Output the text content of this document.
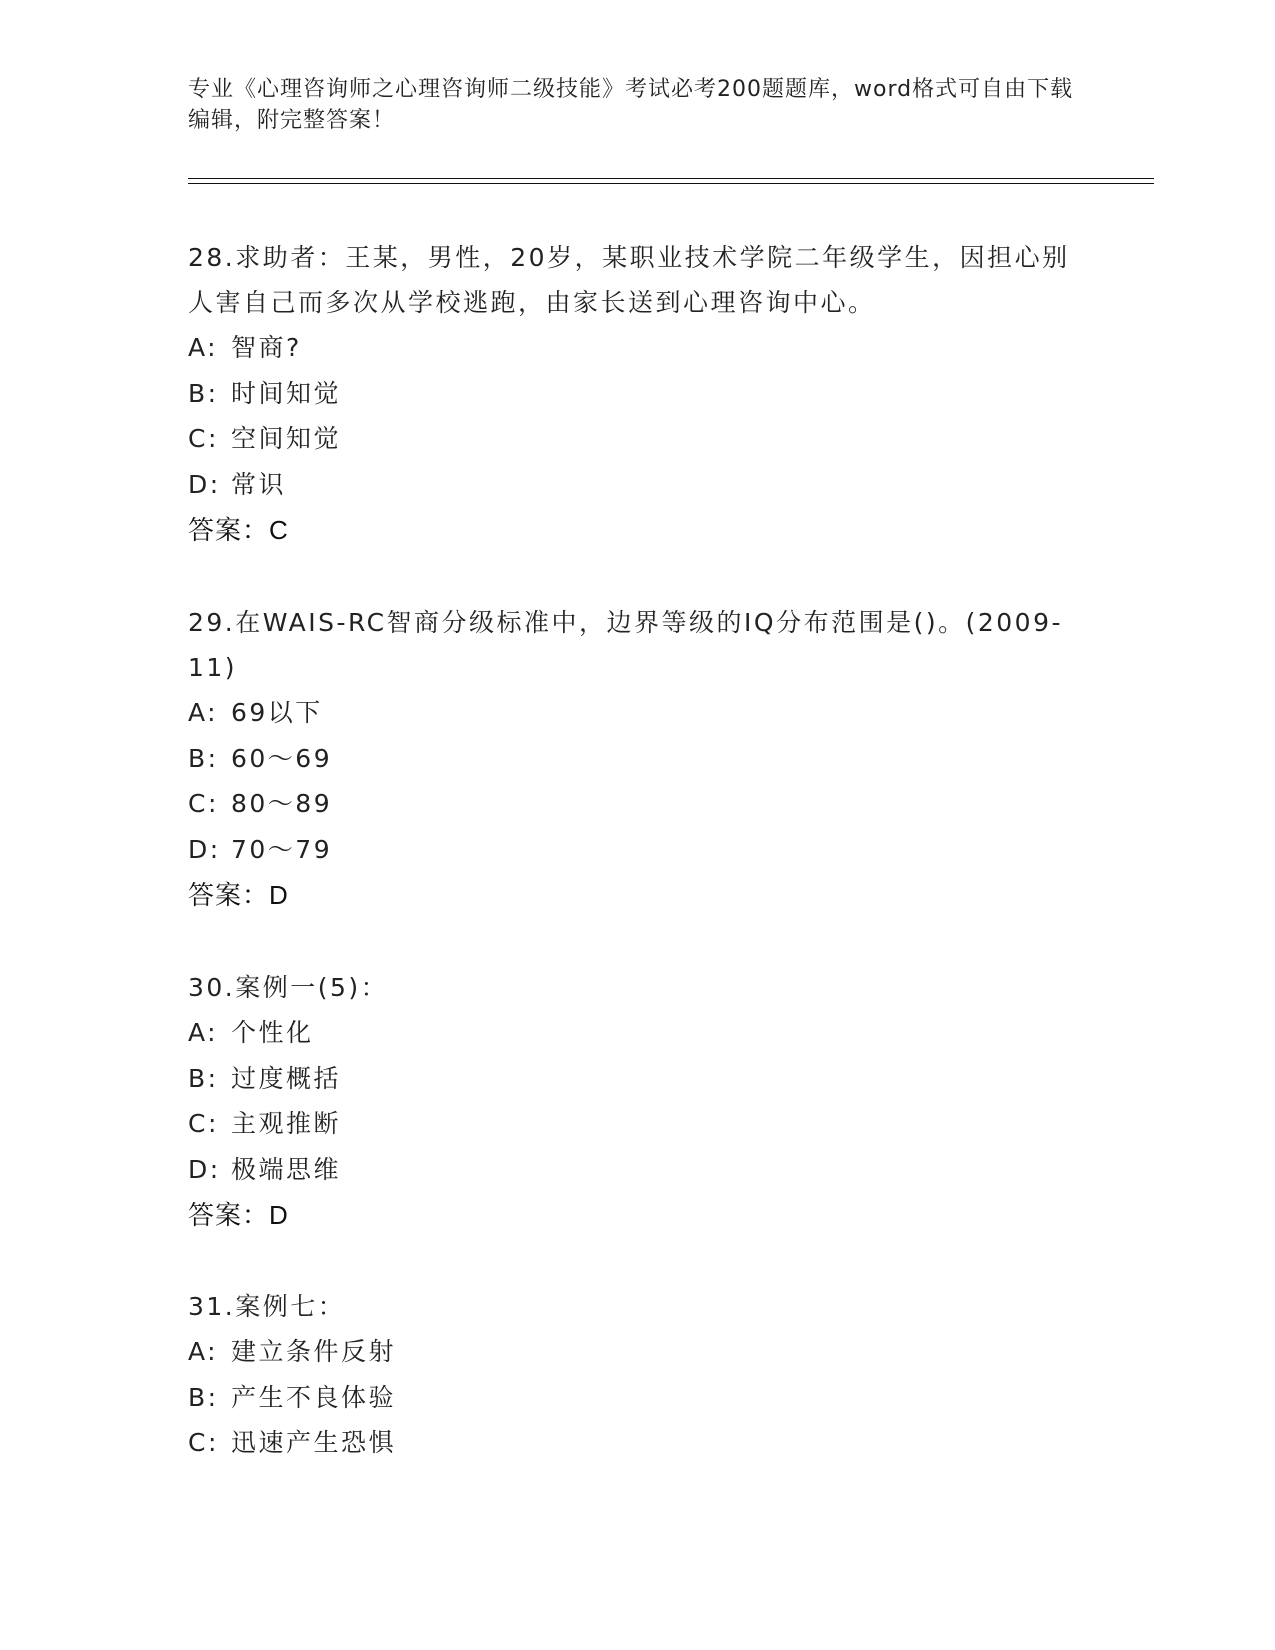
专业《心理咨询师之心理咨询师二级技能》考试必考200题题库，word格式可自由下载编辑，附完整答案！
28.求助者：王某，男性，20岁，某职业技术学院二年级学生，因担心别人害自己而多次从学校逃跑，由家长送到心理咨询中心。
A: 智商?
B: 时间知觉
C: 空间知觉
D: 常识
答案：C
29.在WAIS-RC智商分级标准中，边界等级的IQ分布范围是()。(2009-11)
A: 69以下
B: 60～69
C: 80～89
D: 70～79
答案：D
30.案例一(5)：
A: 个性化
B: 过度概括
C: 主观推断
D: 极端思维
答案：D
31.案例七：
A: 建立条件反射
B: 产生不良体验
C: 迅速产生恐惧
